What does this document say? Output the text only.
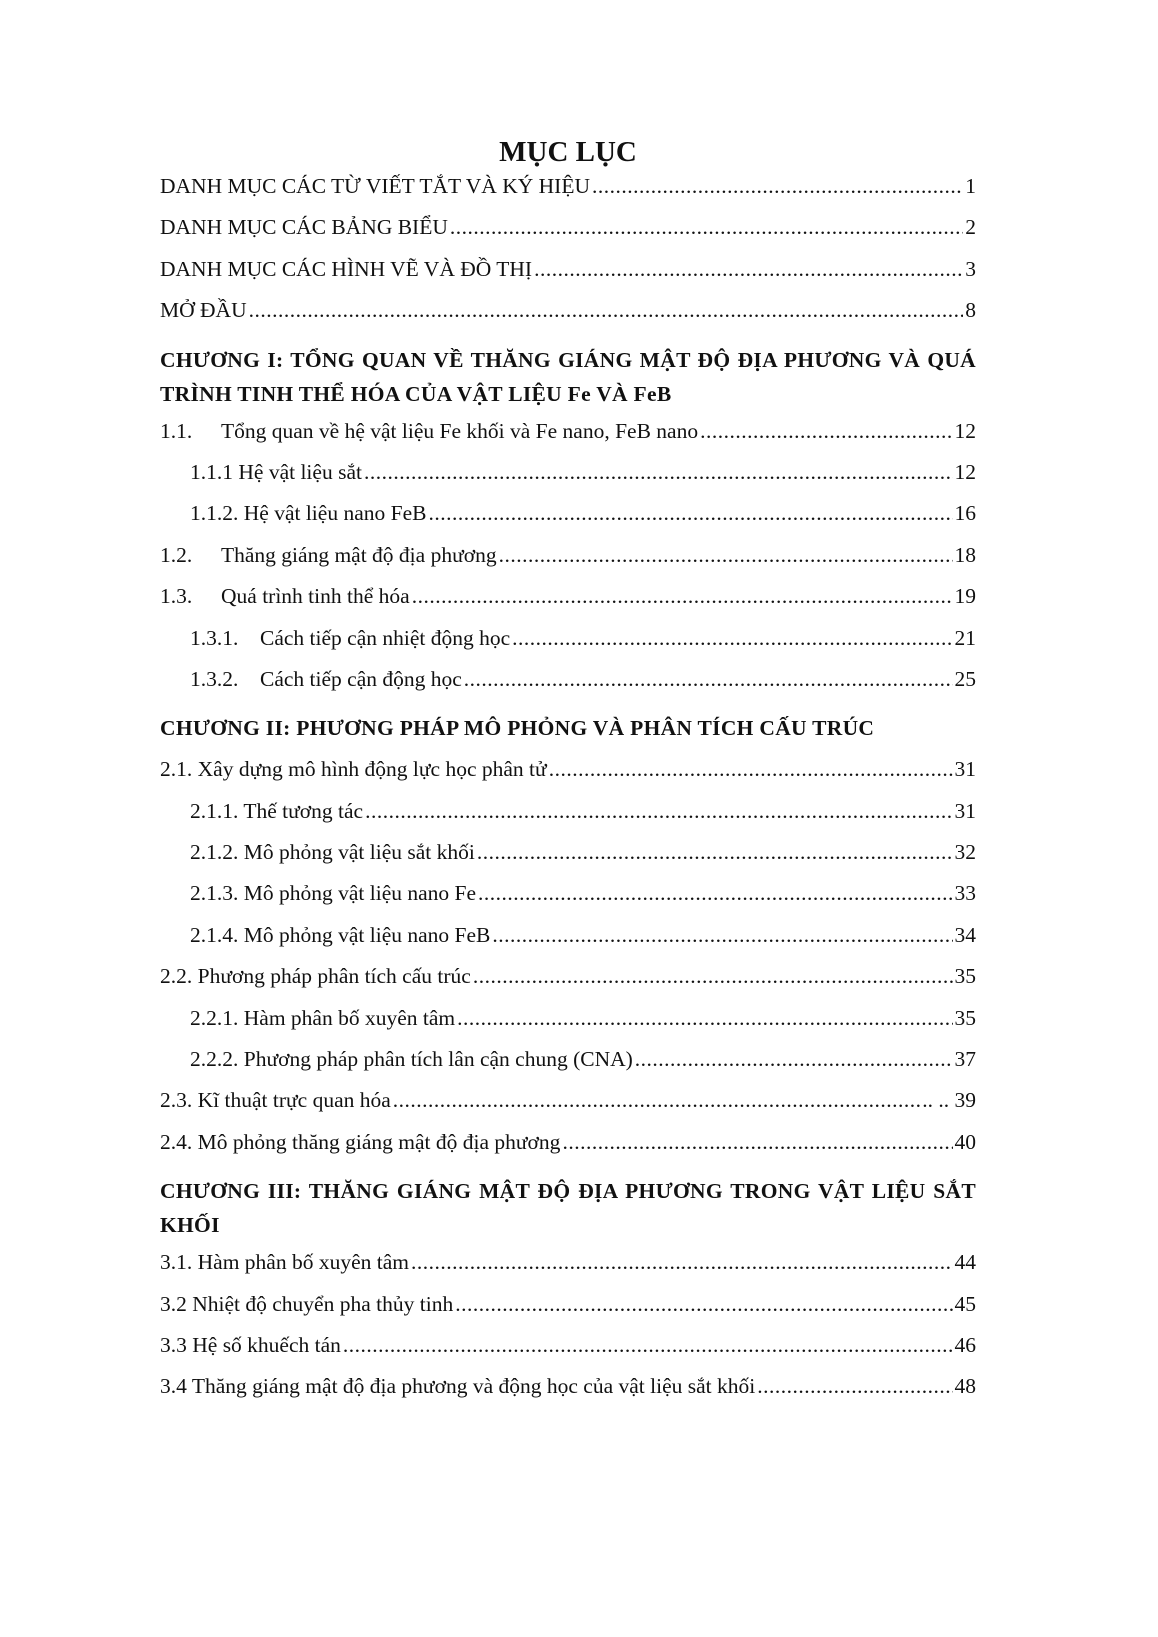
MỤC LỤC
DANH MỤC CÁC TỪ VIẾT TẮT VÀ KÝ HIỆU .....	1
DANH MỤC CÁC BẢNG BIỂU .....	2
DANH MỤC CÁC HÌNH VẼ VÀ ĐỒ THỊ .....	3
MỞ ĐẦU .....	8
CHƯƠNG I: TỔNG QUAN VỀ THĂNG GIÁNG MẬT ĐỘ ĐỊA PHƯƠNG VÀ QUÁ TRÌNH TINH THỂ HÓA CỦA VẬT LIỆU Fe VÀ FeB
1.1. Tổng quan về hệ vật liệu Fe khối và Fe nano, FeB nano .....	12
1.1.1 Hệ vật liệu sắt .....	12
1.1.2. Hệ vật liệu nano FeB .....	16
1.2. Thăng giáng mật độ địa phương .....	18
1.3. Quá trình tinh thể hóa .....	19
1.3.1. Cách tiếp cận nhiệt động học .....	21
1.3.2. Cách tiếp cận động học .....	25
CHƯƠNG II: PHƯƠNG PHÁP MÔ PHỎNG VÀ PHÂN TÍCH CẤU TRÚC
2.1. Xây dựng mô hình động lực học phân tử .....	31
2.1.1. Thế tương tác .....	31
2.1.2. Mô phỏng vật liệu sắt khối .....	32
2.1.3. Mô phỏng vật liệu nano Fe .....	33
2.1.4. Mô phỏng vật liệu nano FeB .....	34
2.2. Phương pháp phân tích cấu trúc .....	35
2.2.1. Hàm phân bố xuyên tâm .....	35
2.2.2. Phương pháp phân tích lân cận chung (CNA) .....	37
2.3. Kĩ thuật trực quan hóa .....	.. .. 39
2.4. Mô phỏng thăng giáng mật độ địa phương .....	40
CHƯƠNG III: THĂNG GIÁNG MẬT ĐỘ ĐỊA PHƯƠNG TRONG VẬT LIỆU SẮT KHỐI
3.1. Hàm phân bố xuyên tâm .....	44
3.2 Nhiệt độ chuyển pha thủy tinh .....	45
3.3 Hệ số khuếch tán .....	46
3.4 Thăng giáng mật độ địa phương và động học của vật liệu sắt khối .....	48
